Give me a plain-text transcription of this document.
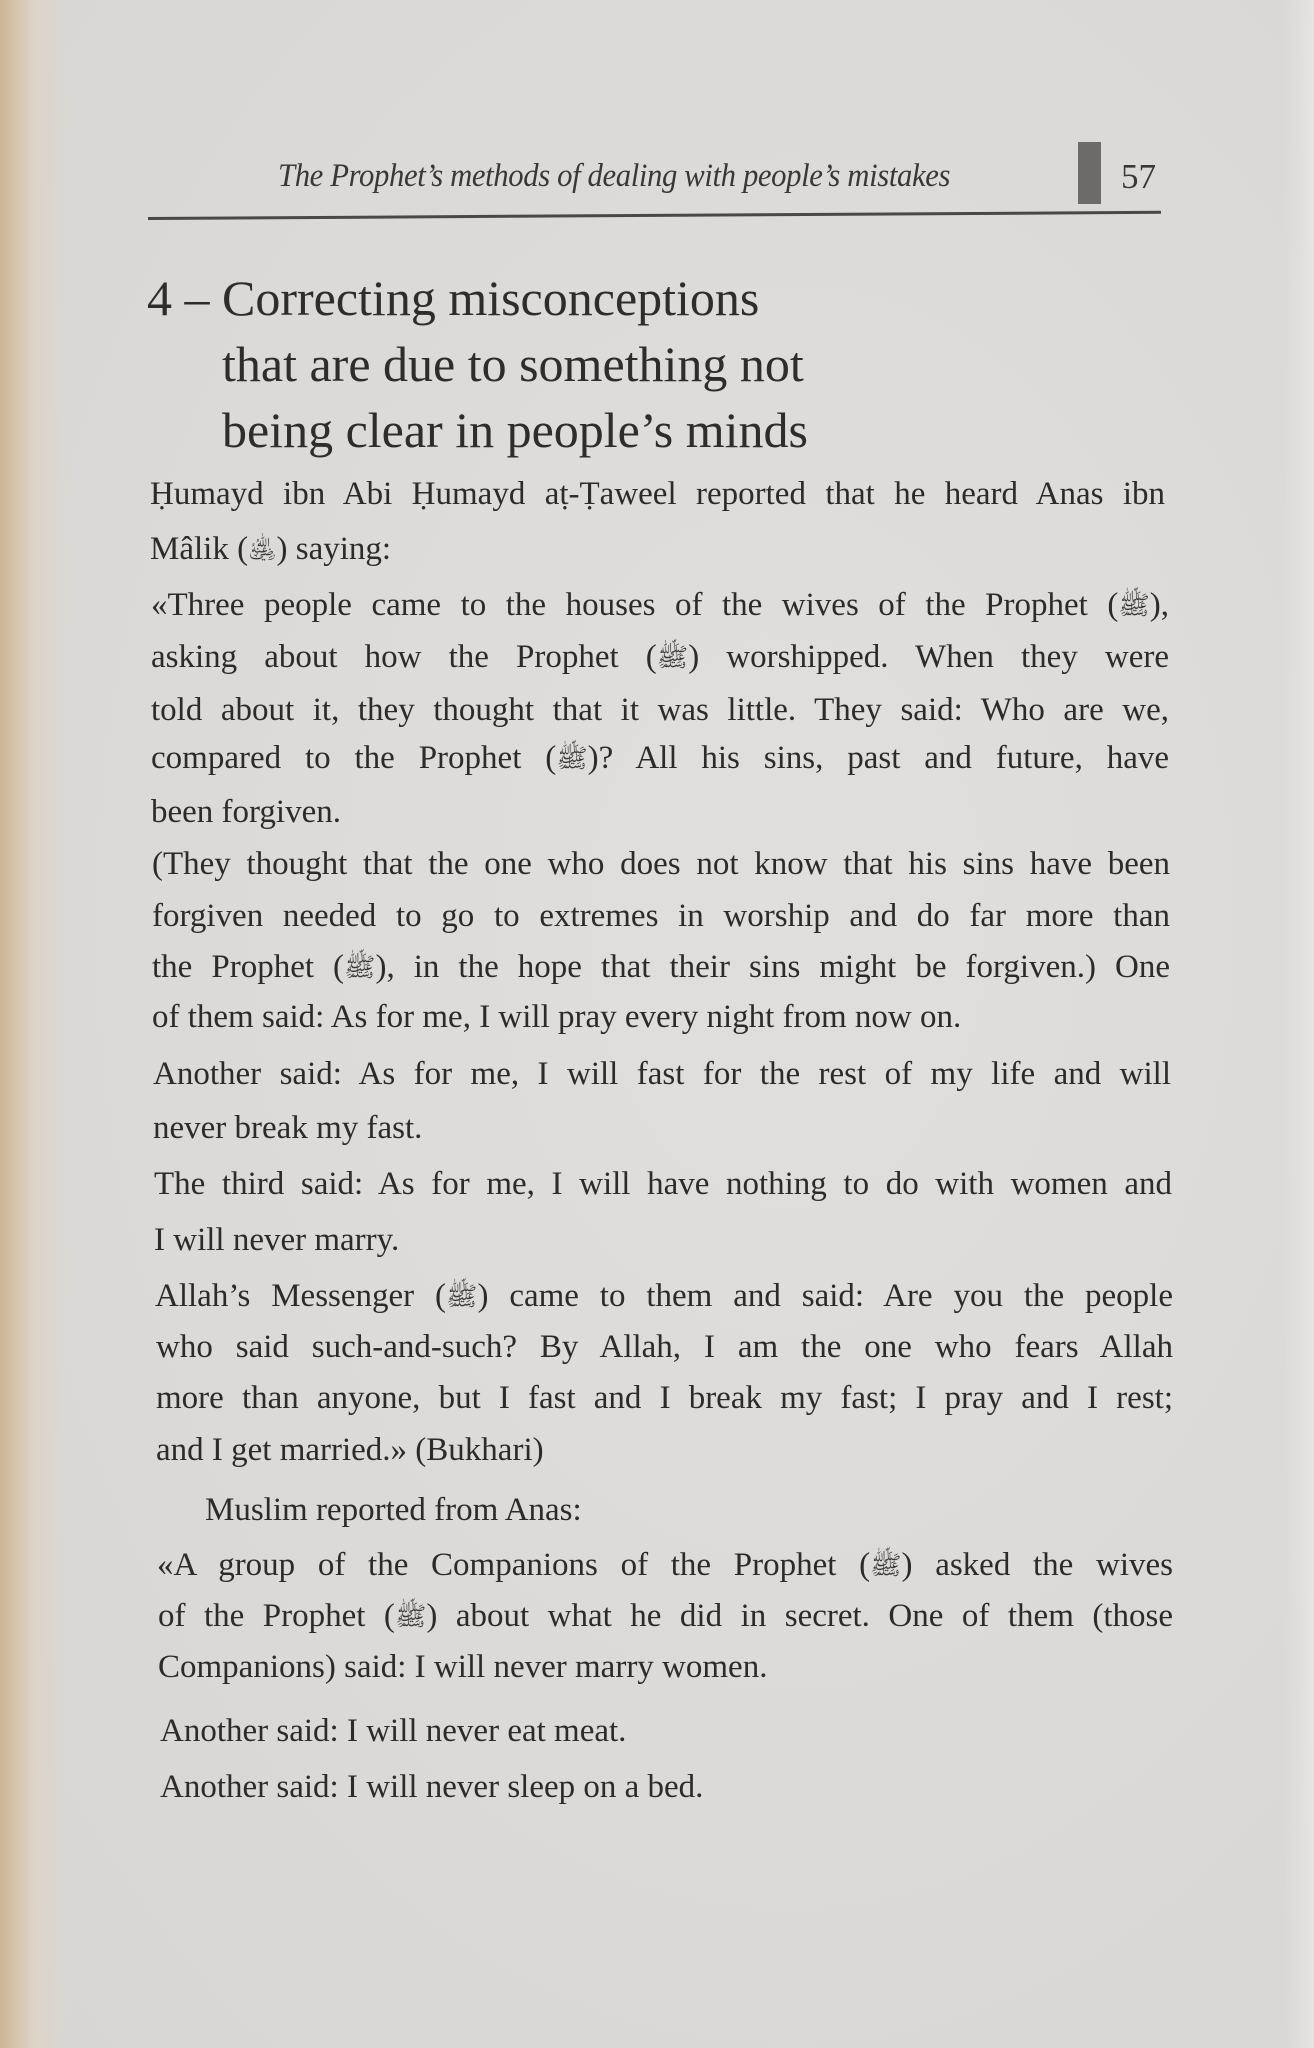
The Prophet’s methods of dealing with people’s mistakes	57
4 – Correcting misconceptions
that are due to something not
being clear in people’s minds
Ḥumayd ibn Abi Ḥumayd aṭ-Ṭaweel reported that he heard Anas ibn
Mâlik (﵁) saying:
«Three people came to the houses of the wives of the Prophet (ﷺ),
asking about how the Prophet (ﷺ) worshipped. When they were
told about it, they thought that it was little. They said: Who are we,
compared to the Prophet (ﷺ)? All his sins, past and future, have
been forgiven.
(They thought that the one who does not know that his sins have been
forgiven needed to go to extremes in worship and do far more than
the Prophet (ﷺ), in the hope that their sins might be forgiven.) One
of them said: As for me, I will pray every night from now on.
Another said: As for me, I will fast for the rest of my life and will
never break my fast.
The third said: As for me, I will have nothing to do with women and
I will never marry.
Allah’s Messenger (ﷺ) came to them and said: Are you the people
who said such-and-such? By Allah, I am the one who fears Allah
more than anyone, but I fast and I break my fast; I pray and I rest;
and I get married.» (Bukhari)
Muslim reported from Anas:
«A group of the Companions of the Prophet (ﷺ) asked the wives
of the Prophet (ﷺ) about what he did in secret. One of them (those
Companions) said: I will never marry women.
Another said: I will never eat meat.
Another said: I will never sleep on a bed.
